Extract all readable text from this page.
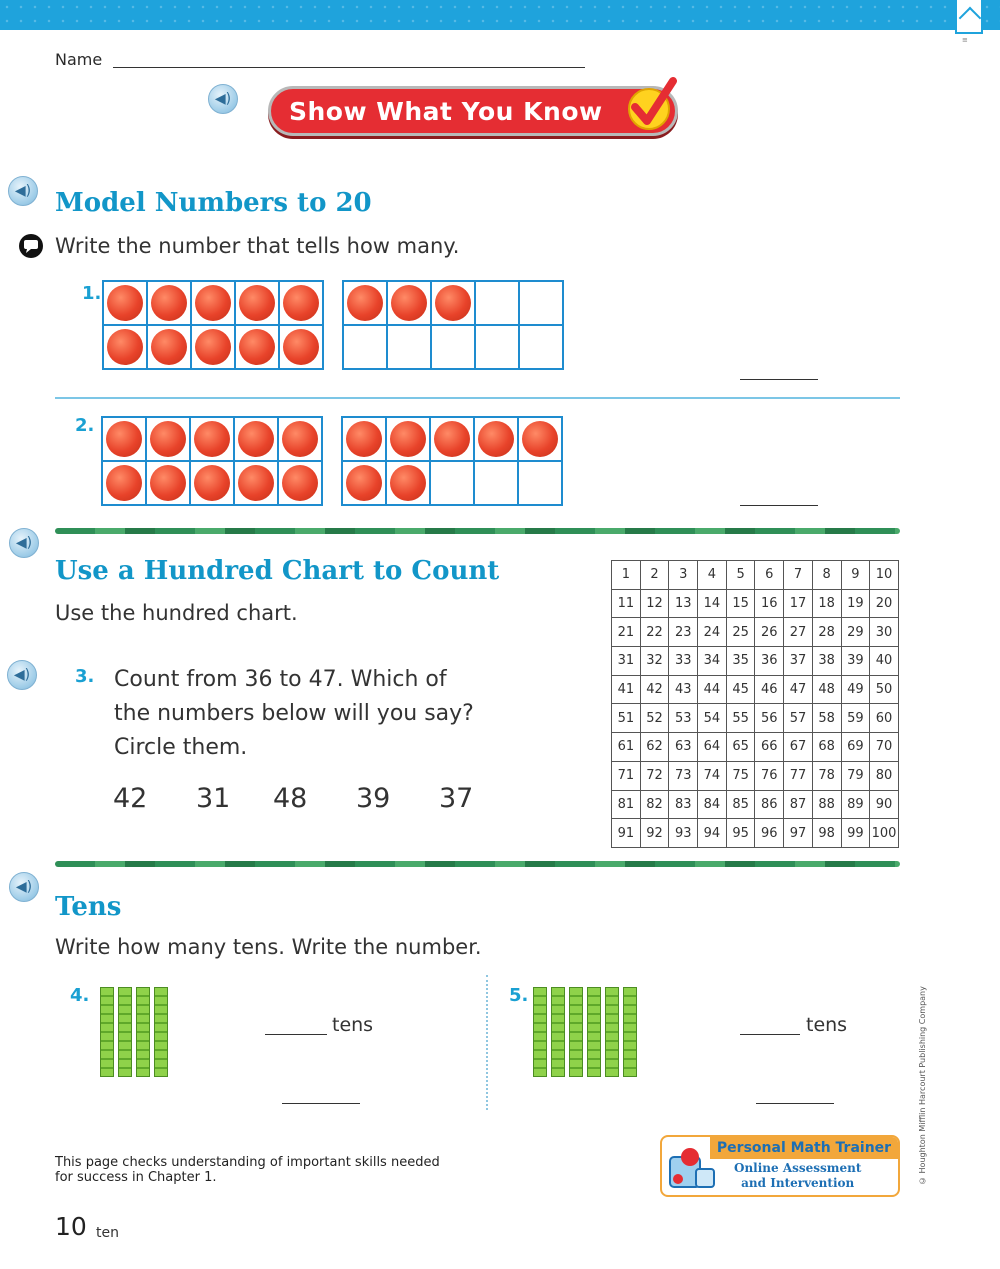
≡
Name
◀) Show What You Know
◀) Model Numbers to 20
Write the number that tells how many.
1.
2.
◀)
Use a Hundred Chart to Count
Use the hundred chart.
◀)	3. Count from 36 to 47. Which of
the numbers below will you say?
Circle them.
42 31 48 39 37
1	2	3	4	5	6	7	8	9	10
11	12	13	14	15	16	17	18	19	20
21	22	23	24	25	26	27	28	29	30
31	32	33	34	35	36	37	38	39	40
41	42	43	44	45	46	47	48	49	50
51	52	53	54	55	56	57	58	59	60
61	62	63	64	65	66	67	68	69	70
71	72	73	74	75	76	77	78	79	80
81	82	83	84	85	86	87	88	89	90
91	92	93	94	95	96	97	98	99	100
◀)
Tens
Write how many tens. Write the number.
4.
tens
5.
tens	© Houghton Mifflin Harcourt Publishing Company
This page checks understanding of important skills needed
for success in Chapter 1.
10 ten
Personal Math Trainer
Online Assessment
and Intervention
